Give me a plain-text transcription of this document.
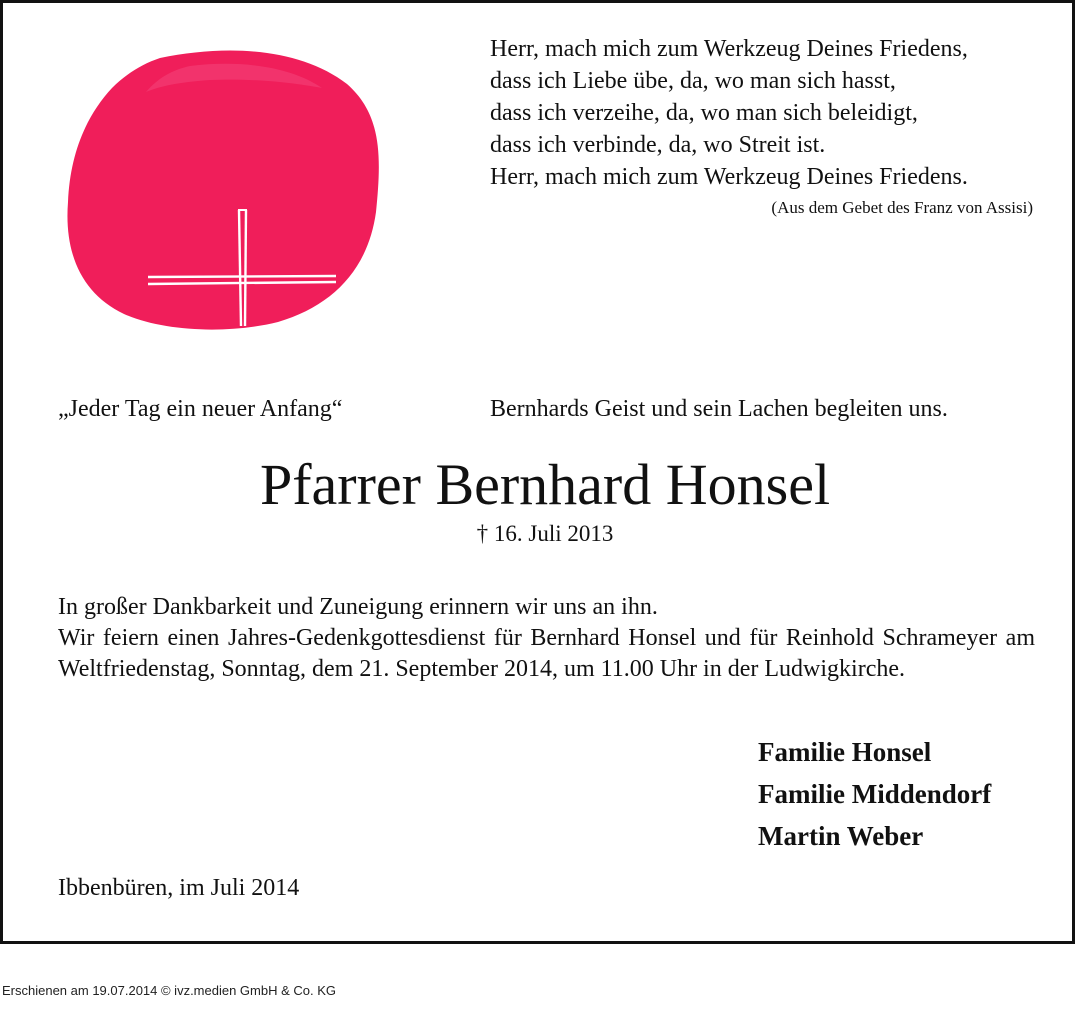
Herr, mach mich zum Werkzeug Deines Friedens,
dass ich Liebe übe, da, wo man sich hasst,
dass ich verzeihe, da, wo man sich beleidigt,
dass ich verbinde, da, wo Streit ist.
Herr, mach mich zum Werkzeug Deines Friedens.
(Aus dem Gebet des Franz von Assisi)
„Jeder Tag ein neuer Anfang“	Bernhards Geist und sein Lachen begleiten uns.
Pfarrer Bernhard Honsel
† 16. Juli 2013

In großer Dankbarkeit und Zuneigung erinnern wir uns an ihn.

Wir feiern einen Jahres-Gedenkgottesdienst für Bernhard Honsel und für Reinhold Schrameyer am Weltfriedenstag, Sonntag, dem 21. September 2014, um 11.00 Uhr in der Ludwigkirche.

Familie Honsel
Familie Middendorf
Martin Weber
Ibbenbüren, im Juli 2014
Erschienen am 19.07.2014 © ivz.medien GmbH & Co. KG
